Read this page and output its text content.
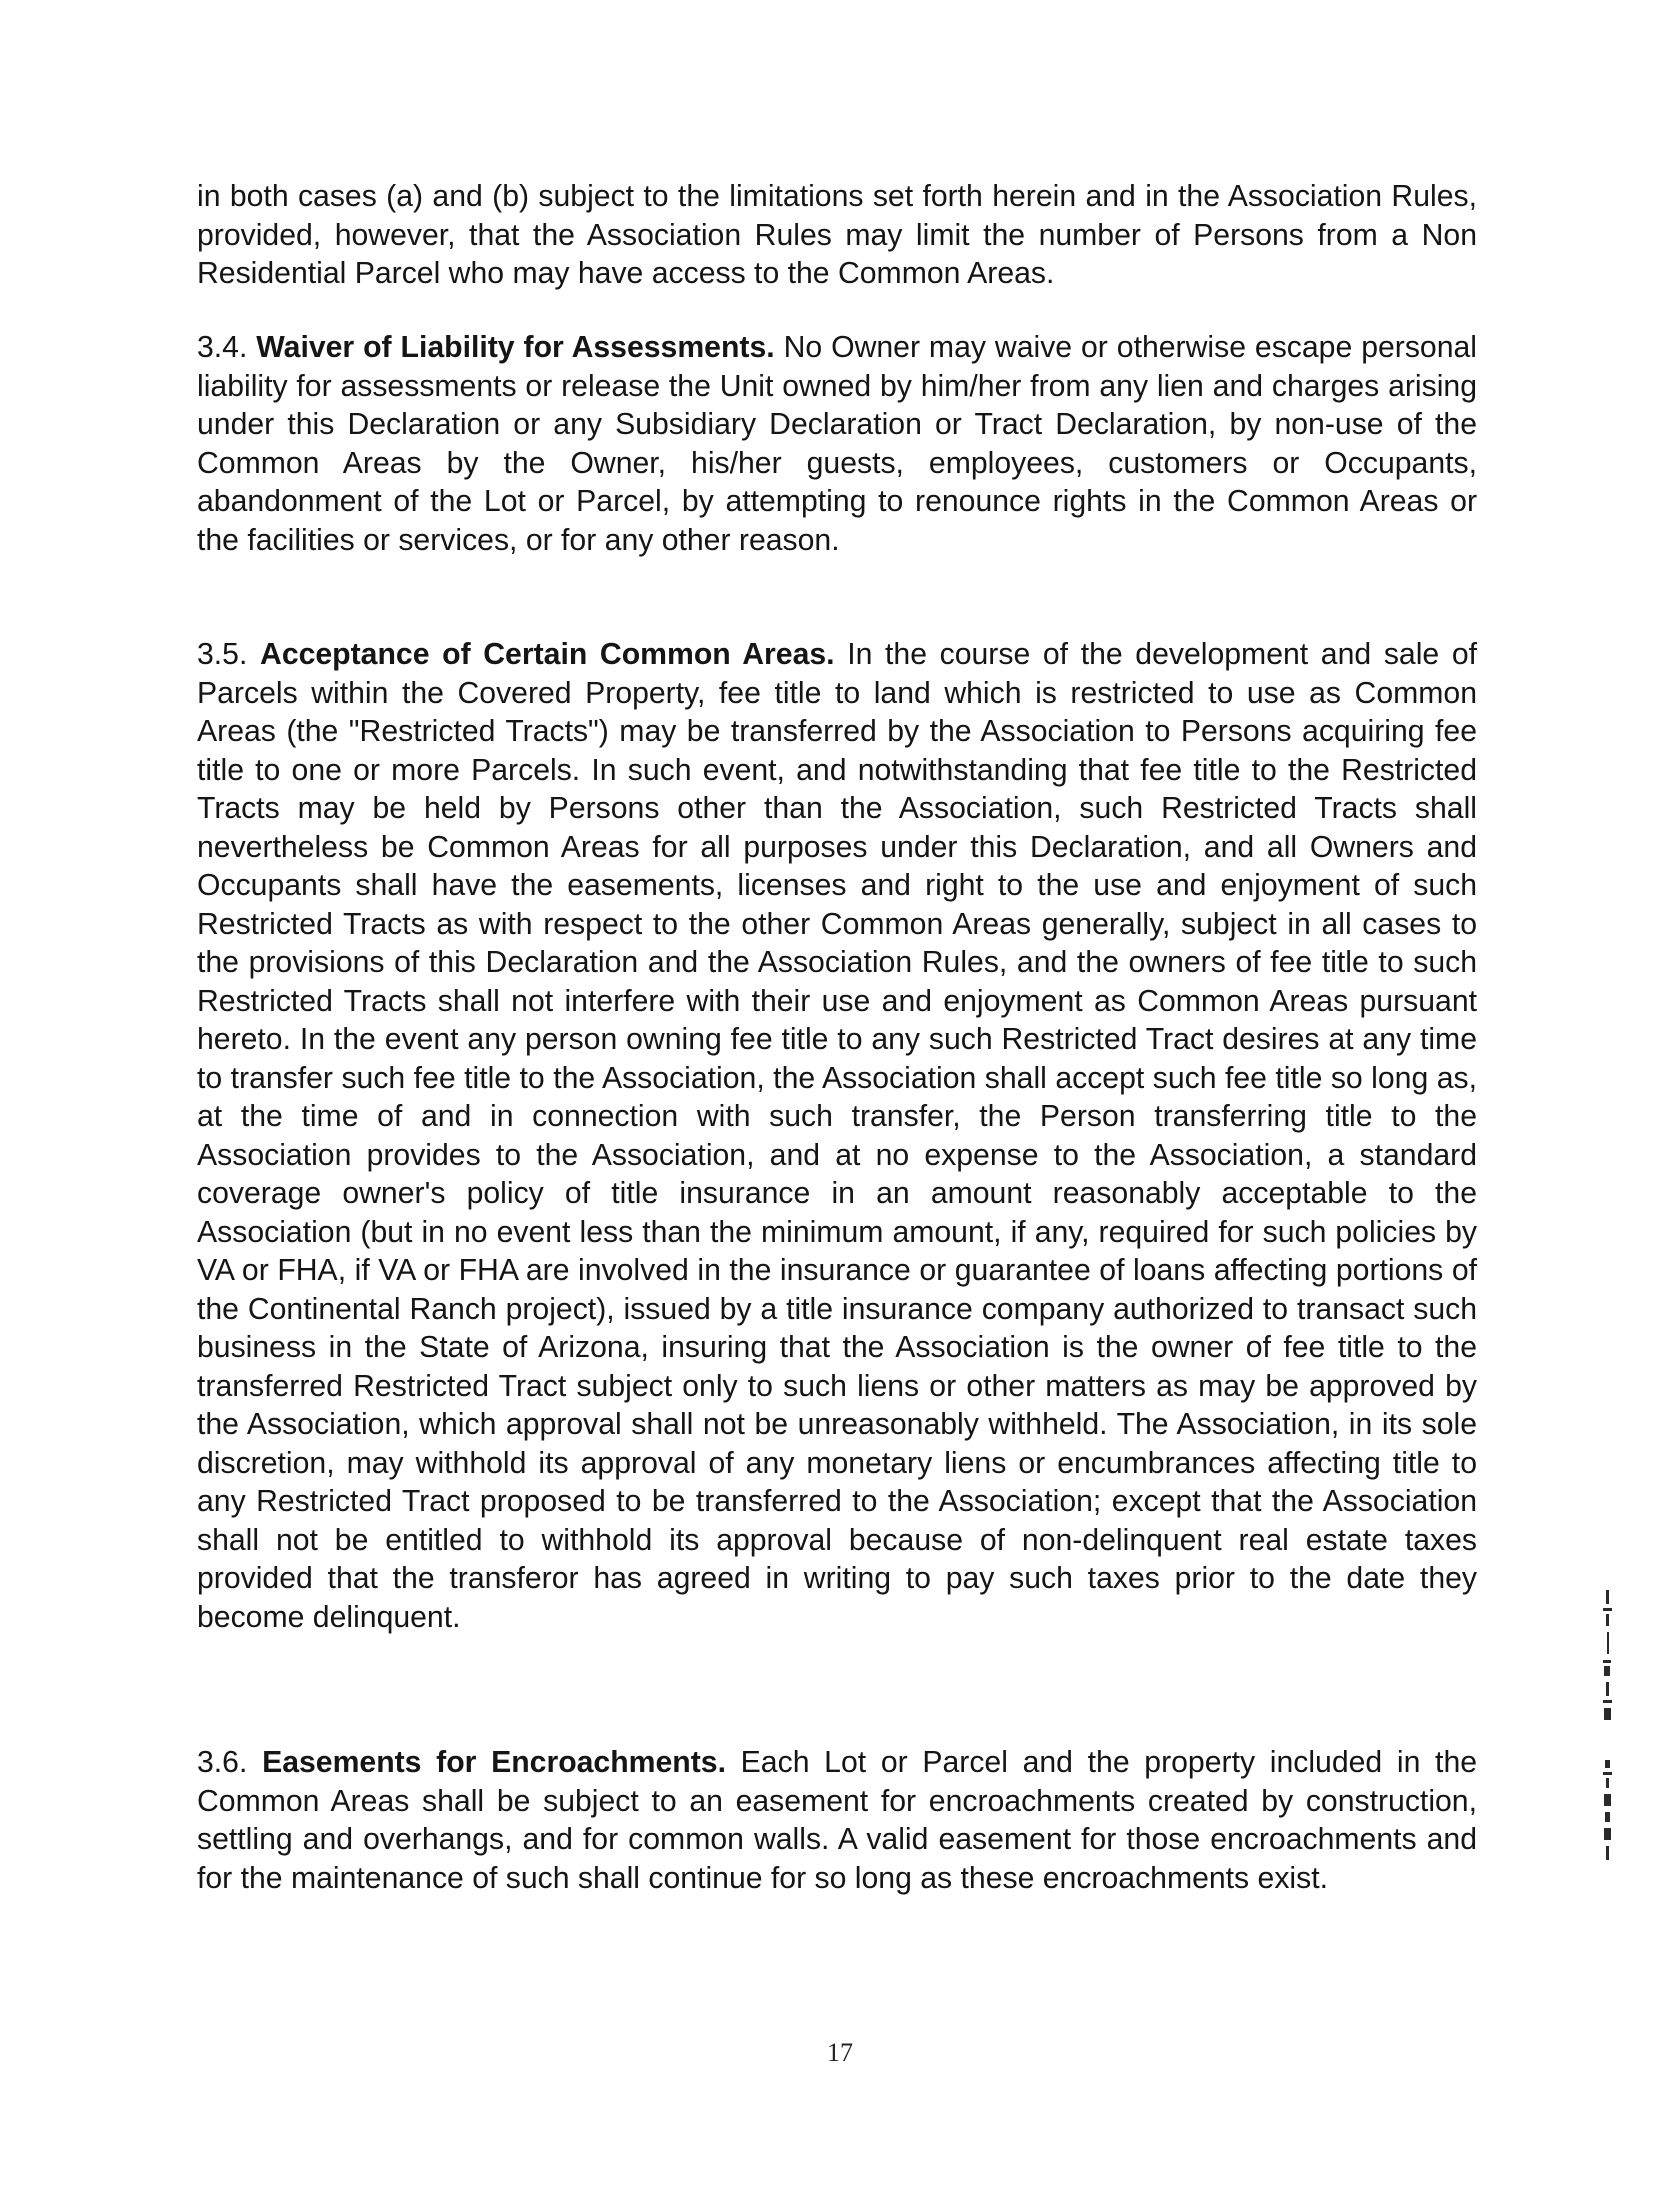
in both cases (a) and (b) subject to the limitations set forth herein and in the Association Rules, provided, however, that the Association Rules may limit the number of Persons from a Non Residential Parcel who may have access to the Common Areas.
3.4. Waiver of Liability for Assessments. No Owner may waive or otherwise escape personal liability for assessments or release the Unit owned by him/her from any lien and charges arising under this Declaration or any Subsidiary Declaration or Tract Declaration, by non-use of the Common Areas by the Owner, his/her guests, employees, customers or Occupants, abandonment of the Lot or Parcel, by attempting to renounce rights in the Common Areas or the facilities or services, or for any other reason.
3.5. Acceptance of Certain Common Areas. In the course of the development and sale of Parcels within the Covered Property, fee title to land which is restricted to use as Common Areas (the "Restricted Tracts") may be transferred by the Association to Persons acquiring fee title to one or more Parcels. In such event, and notwithstanding that fee title to the Restricted Tracts may be held by Persons other than the Association, such Restricted Tracts shall nevertheless be Common Areas for all purposes under this Declaration, and all Owners and Occupants shall have the easements, licenses and right to the use and enjoyment of such Restricted Tracts as with respect to the other Common Areas generally, subject in all cases to the provisions of this Declaration and the Association Rules, and the owners of fee title to such Restricted Tracts shall not interfere with their use and enjoyment as Common Areas pursuant hereto. In the event any person owning fee title to any such Restricted Tract desires at any time to transfer such fee title to the Association, the Association shall accept such fee title so long as, at the time of and in connection with such transfer, the Person transferring title to the Association provides to the Association, and at no expense to the Association, a standard coverage owner's policy of title insurance in an amount reasonably acceptable to the Association (but in no event less than the minimum amount, if any, required for such policies by VA or FHA, if VA or FHA are involved in the insurance or guarantee of loans affecting portions of the Continental Ranch project), issued by a title insurance company authorized to transact such business in the State of Arizona, insuring that the Association is the owner of fee title to the transferred Restricted Tract subject only to such liens or other matters as may be approved by the Association, which approval shall not be unreasonably withheld. The Association, in its sole discretion, may withhold its approval of any monetary liens or encumbrances affecting title to any Restricted Tract proposed to be transferred to the Association; except that the Association shall not be entitled to withhold its approval because of non-delinquent real estate taxes provided that the transferor has agreed in writing to pay such taxes prior to the date they become delinquent.
3.6. Easements for Encroachments. Each Lot or Parcel and the property included in the Common Areas shall be subject to an easement for encroachments created by construction, settling and overhangs, and for common walls. A valid easement for those encroachments and for the maintenance of such shall continue for so long as these encroachments exist.
17
